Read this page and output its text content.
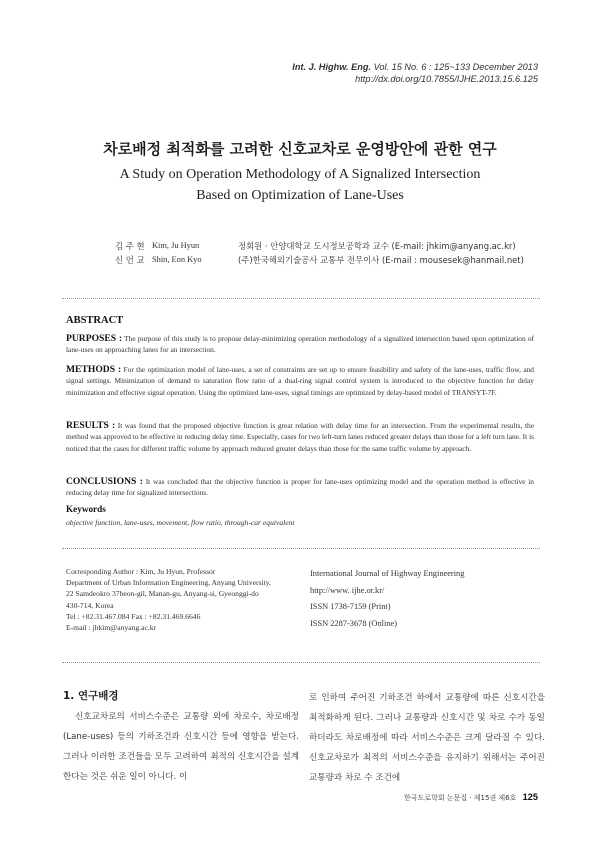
Int. J. Highw. Eng. Vol. 15 No. 6 : 125~133 December 2013
http://dx.doi.org/10.7855/IJHE.2013.15.6.125
차로배정 최적화를 고려한 신호교차로 운영방안에 관한 연구
A Study on Operation Methodology of A Signalized Intersection
Based on Optimization of Lane-Uses
김 주 현
신 언 교
Kim, Ju Hyun
Shin, Eon Kyo
정회원 · 안양대학교 도시정보공학과 교수 (E-mail: jhkim@anyang.ac.kr)
(주)한국해외기술공사 교통부 전무이사 (E-mail : mousesek@hanmail.net)
ABSTRACT
PURPOSES : The purpose of this study is to propose delay-minimizing operation methodology of a signalized intersection based upon optimization of lane-uses on approaching lanes for an intersection.
METHODS : For the optimization model of lane-uses, a set of constraints are set up to ensure feasibility and safety of the lane-uses, traffic flow, and signal settings. Minimization of demand to saturation flow ratio of a dual-ring signal control system is introduced to the objective function for delay minimization and effective signal operation. Using the optimized lane-uses, signal timings are optimized by delay-based model of TRANSYT-7F.
RESULTS : It was found that the proposed objective function is great relation with delay time for an intersection. From the experimental results, the method was approved to be effective in reducing delay time. Especially, cases for two left-turn lanes reduced greater delays than those for a left turn lane. It is noticed that the cases for different traffic volume by approach reduced greater delays than those for the same traffic volume by approach.
CONCLUSIONS : It was concluded that the objective function is proper for lane-uses optimizing model and the operation method is effective in reducing delay time for signalized intersections.
Keywords
objective function, lane-uses, movement, flow ratio, through-car equivalent
Corresponding Author : Kim, Ju Hyun, Professor
Department of Urban Information Engineering, Anyang University,
22 Samdeokro 37beon-gil, Manan-gu, Anyang-si, Gyeonggi-do
430-714, Korea
Tel : +82.31.467.084 Fax : +82.31.469.6646
E-mail : jhkim@anyang.ac.kr
International Journal of Highway Engineering
http://www. ijhe.or.kr/
ISSN 1738-7159 (Print)
ISSN 2287-3678 (Online)
1. 연구배경
신호교차로의 서비스수준은 교통량 외에 차로수, 차로배정(Lane-uses) 등의 기하조건과 신호시간 등에 영향을 받는다. 그러나 이러한 조건들을 모두 고려하여 최적의 신호시간을 설계한다는 것은 쉬운 일이 아니다. 이
로 인하여 주어진 기하조건 하에서 교통량에 따른 신호시간을 최적화하게 된다. 그러나 교통량과 신호시간 및 차로 수가 동일하더라도 차로배정에 따라 서비스수준은 크게 달라질 수 있다. 신호교차로가 최적의 서비스수준을 유지하기 위해서는 주어진 교통량과 차로 수 조건에
한국도로학회 논문집 · 제15권 제6호 125
